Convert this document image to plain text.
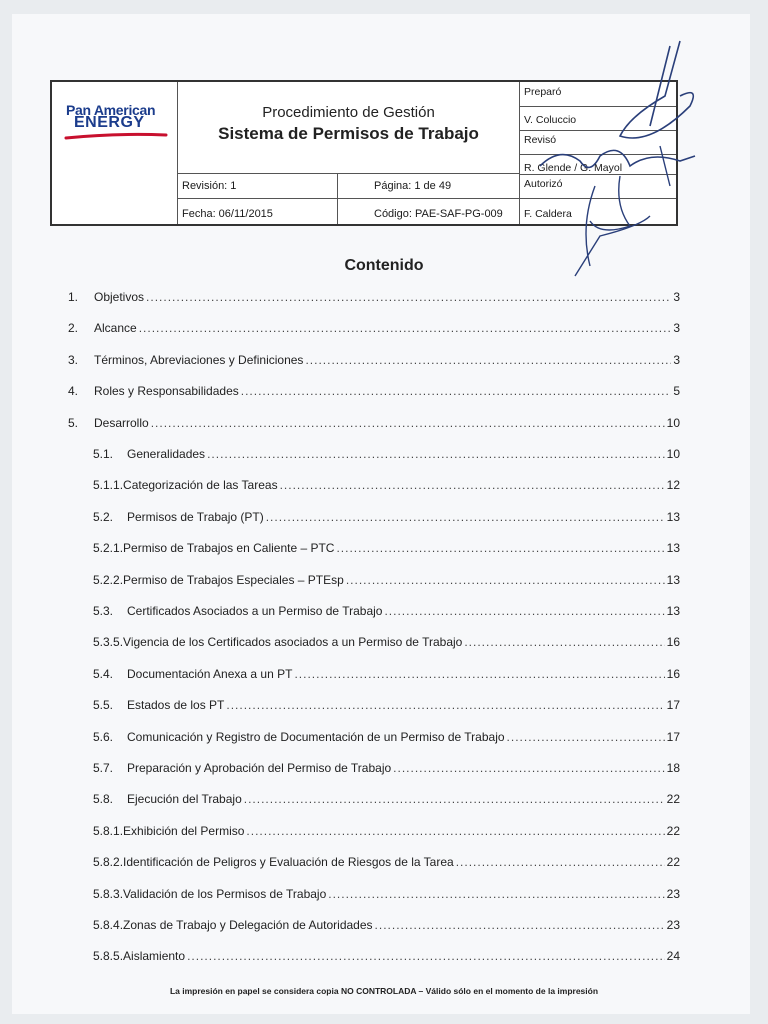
Pan American
ENERGY
Procedimiento de Gestión
Sistema de Permisos de Trabajo
Revisión: 1
Fecha: 06/11/2015
Página: 1 de 49
Código: PAE-SAF-PG-009
Preparó
V. Coluccio
Revisó
R. Glende / G. Mayol
Autorizó
F. Caldera
Contenido
1.	Objetivos .....	3
2.	Alcance .....	3
3.	Términos, Abreviaciones y Definiciones .....	3
4.	Roles y Responsabilidades .....	5
5.	Desarrollo .....	10
5.1.	Generalidades .....	10
5.1.1. Categorización de las Tareas .....	12
5.2.	Permisos de Trabajo (PT) .....	13
5.2.1. Permiso de Trabajos en Caliente – PTC .....	13
5.2.2. Permiso de Trabajos Especiales – PTEsp .....	13
5.3.	Certificados Asociados a un Permiso de Trabajo .....	13
5.3.5. Vigencia de los Certificados asociados a un Permiso de Trabajo .....	16
5.4.	Documentación Anexa a un PT .....	16
5.5.	Estados de los PT .....	17
5.6.	Comunicación y Registro de Documentación de un Permiso de Trabajo .....	17
5.7.	Preparación y Aprobación del Permiso de Trabajo .....	18
5.8.	Ejecución del Trabajo .....	22
5.8.1. Exhibición del Permiso .....	22
5.8.2. Identificación de Peligros y Evaluación de Riesgos de la Tarea .....	22
5.8.3. Validación de los Permisos de Trabajo .....	23
5.8.4. Zonas de Trabajo y Delegación de Autoridades .....	23
5.8.5. Aislamiento .....	24
La impresión en papel se considera copia NO CONTROLADA – Válido sólo en el momento de la impresión
